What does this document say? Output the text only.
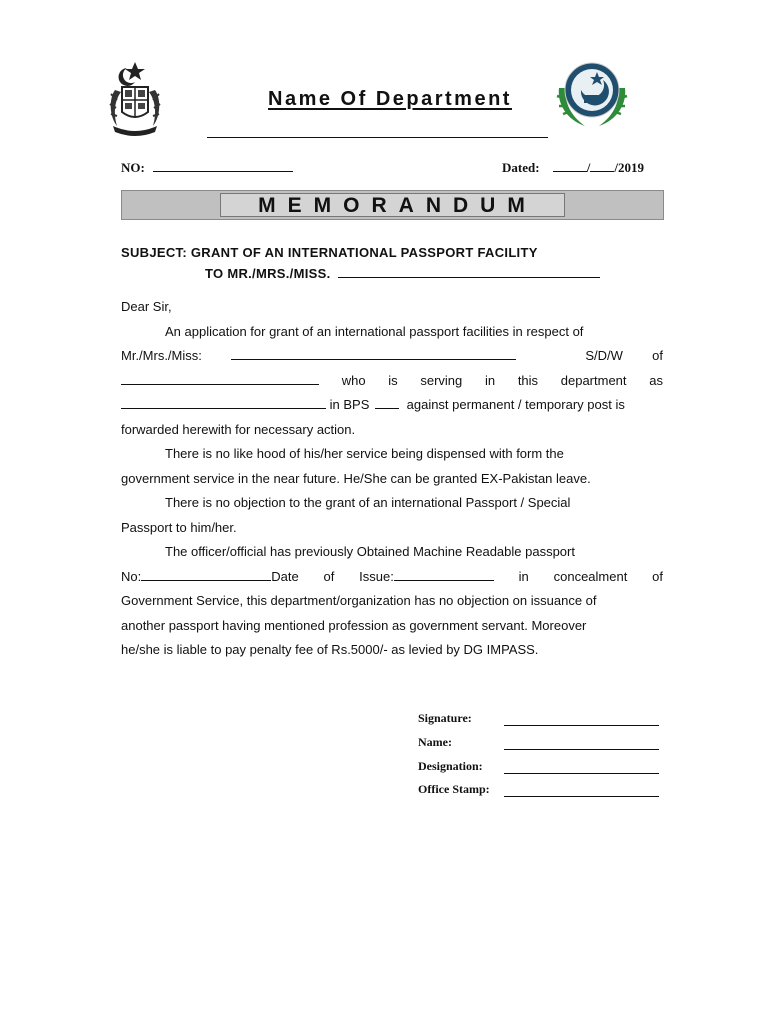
Name Of Department
NO:	Dated:	/ /2019
MEMORANDUM
SUBJECT: GRANT OF AN INTERNATIONAL PASSPORT FACILITY
TO MR./MRS./MISS.
Dear Sir,
An application for grant of an international passport facilities in respect of
Mr./Mrs./Miss:	S/D/W of
who is serving in this department as
in BPS	against permanent / temporary post is
forwarded herewith for necessary action.
There is no like hood of his/her service being dispensed with form the
government service in the near future. He/She can be granted EX-Pakistan leave.
There is no objection to the grant of an international Passport / Special
Passport to him/her.
The officer/official has previously Obtained Machine Readable passport
No:	Date of Issue:	in concealment of
Government Service, this department/organization has no objection on issuance of
another passport having mentioned profession as government servant. Moreover
he/she is liable to pay penalty fee of Rs.5000/- as levied by DG IMPASS.
Signature:
Name:
Designation:
Office Stamp:
